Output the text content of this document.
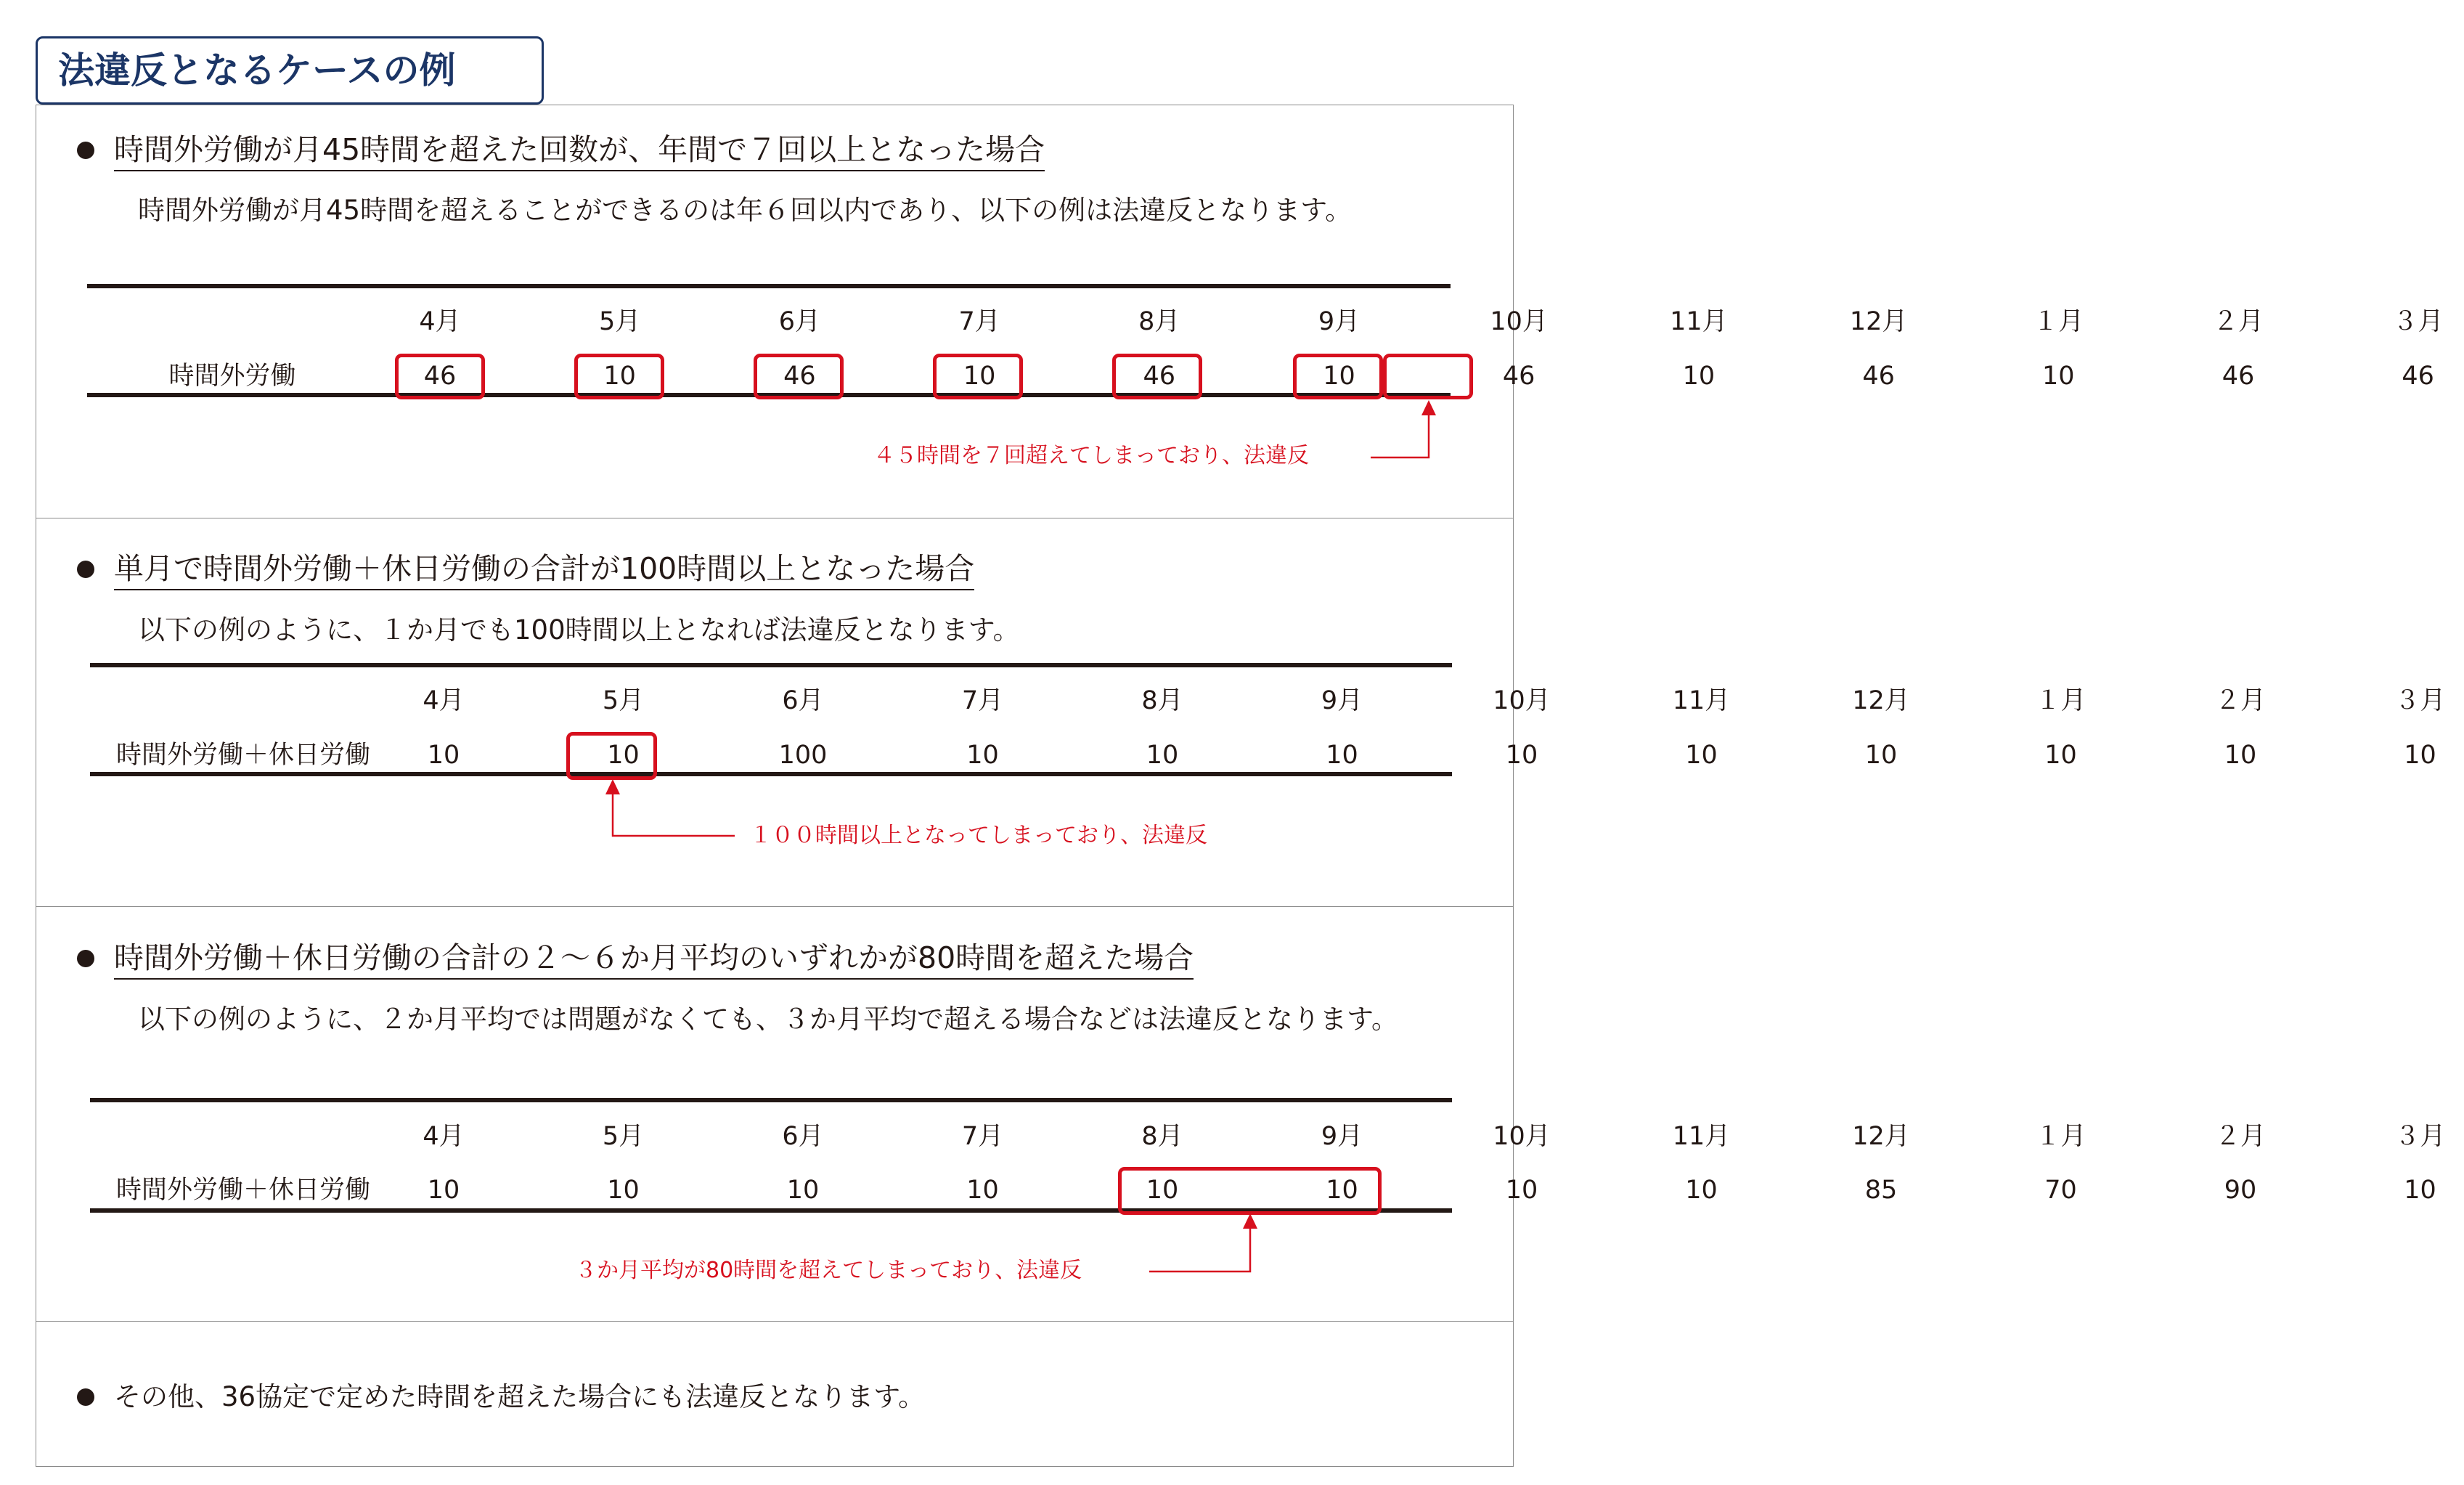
法違反となるケースの例
時間外労働が月45時間を超えた回数が、年間で７回以上となった場合
時間外労働が月45時間を超えることができるのは年６回以内であり、以下の例は法違反となります。
時間外労働
4月	5月	6月	7月	8月	9月	10月	11月	12月	１月	２月	３月
46	10	46	10	46	10	46	10	46	10	46	46
４５時間を７回超えてしまっており、法違反
単月で時間外労働＋休日労働の合計が100時間以上となった場合
以下の例のように、１か月でも100時間以上となれば法違反となります。
時間外労働＋休日労働
4月	5月	6月	7月	8月	9月	10月	11月	12月	１月	２月	３月
10	10	100	10	10	10	10	10	10	10	10	10
１００時間以上となってしまっており、法違反
時間外労働＋休日労働の合計の２～６か月平均のいずれかが80時間を超えた場合
以下の例のように、２か月平均では問題がなくても、３か月平均で超える場合などは法違反となります。
時間外労働＋休日労働
4月	5月	6月	7月	8月	9月	10月	11月	12月	１月	２月	３月
10	10	10	10	10	10	10	10	85	70	90	10
３か月平均が80時間を超えてしまっており、法違反
その他、36協定で定めた時間を超えた場合にも法違反となります。
